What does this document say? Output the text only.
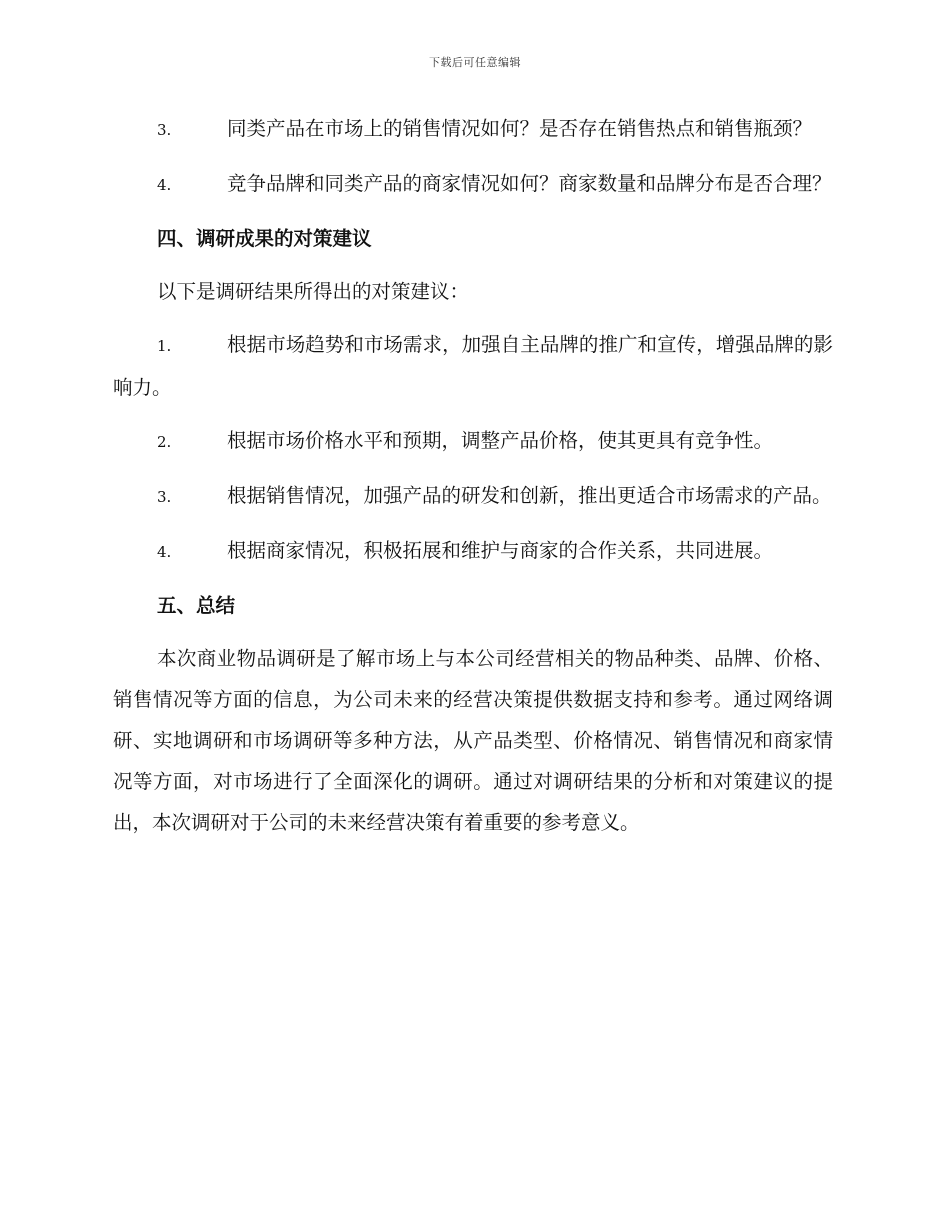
下载后可任意编辑

3.	同类产品在市场上的销售情况如何？是否存在销售热点和销售瓶颈？

4.	竞争品牌和同类产品的商家情况如何？商家数量和品牌分布是否合理？

四、调研成果的对策建议

以下是调研结果所得出的对策建议：

1.	根据市场趋势和市场需求，加强自主品牌的推广和宣传，增强品牌的影响力。

2.	根据市场价格水平和预期，调整产品价格，使其更具有竞争性。

3.	根据销售情况，加强产品的研发和创新，推出更适合市场需求的产品。

4.	根据商家情况，积极拓展和维护与商家的合作关系，共同进展。

五、总结

本次商业物品调研是了解市场上与本公司经营相关的物品种类、品牌、价格、销售情况等方面的信息，为公司未来的经营决策提供数据支持和参考。通过网络调研、实地调研和市场调研等多种方法，从产品类型、价格情况、销售情况和商家情况等方面，对市场进行了全面深化的调研。通过对调研结果的分析和对策建议的提出，本次调研对于公司的未来经营决策有着重要的参考意义。
